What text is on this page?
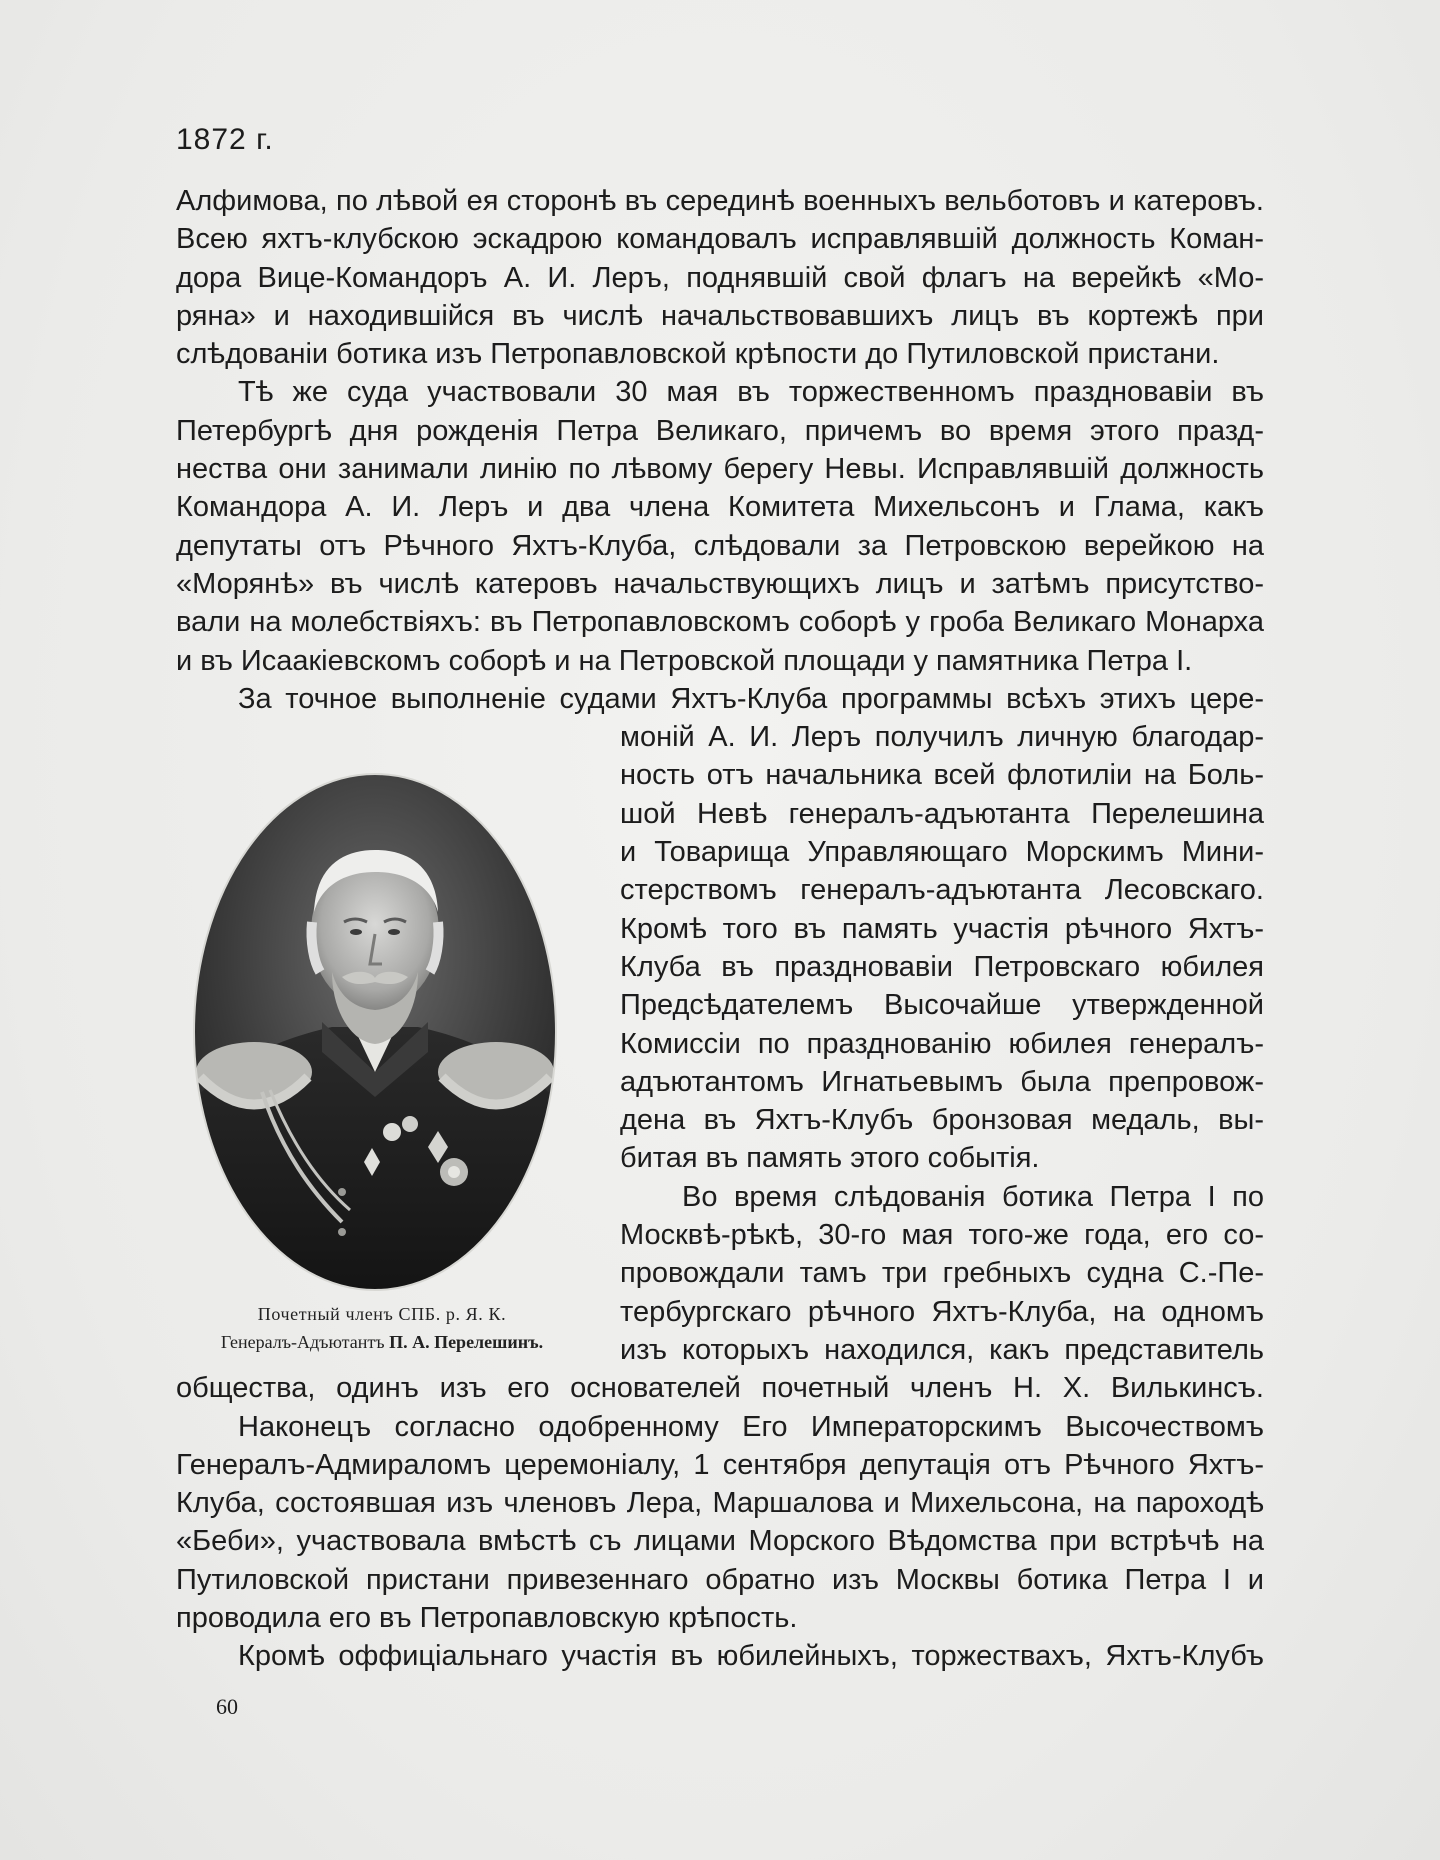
1872 г.
Алфимова, по лѣвой ея сторонѣ въ серединѣ военныхъ вельботовъ и катеровъ.
Всею яхтъ-клубскою эскадрою командовалъ исправлявшій должность Коман-
дора Вице-Командоръ А. И. Леръ, поднявшій свой флагъ на верейкѣ «Мо-
ряна» и находившійся въ числѣ начальствовавшихъ лицъ въ кортежѣ при
слѣдованіи ботика изъ Петропавловской крѣпости до Путиловской пристани.
Тѣ же суда участвовали 30 мая въ торжественномъ праздновавіи въ
Петербургѣ дня рожденія Петра Великаго, причемъ во время этого празд-
нества они занимали линію по лѣвому берегу Невы. Исправлявшій должность
Командора А. И. Леръ и два члена Комитета Михельсонъ и Глама, какъ
депутаты отъ Рѣчного Яхтъ-Клуба, слѣдовали за Петровскою верейкою на
«Морянѣ» въ числѣ катеровъ начальствующихъ лицъ и затѣмъ присутство-
вали на молебствіяхъ: въ Петропавловскомъ соборѣ у гроба Великаго Монарха
и въ Исаакіевскомъ соборѣ и на Петровской площади у памятника Петра I.
За точное выполненіе судами Яхтъ-Клуба программы всѣхъ этихъ цере-
Почетный членъ СПБ. р. Я. К.
Генералъ-Адъютантъ П. А. Перелешинъ.
моній А. И. Леръ получилъ личную благодар-
ность отъ начальника всей флотиліи на Боль-
шой Невѣ генералъ-адъютанта Перелешина
и Товарища Управляющаго Морскимъ Мини-
стерствомъ генералъ-адъютанта Лесовскаго.
Кромѣ того въ память участія рѣчного Яхтъ-
Клуба въ праздновавіи Петровскаго юбилея
Предсѣдателемъ Высочайше утвержденной
Комиссіи по празднованію юбилея генералъ-
адъютантомъ Игнатьевымъ была препровож-
дена въ Яхтъ-Клубъ бронзовая медаль, вы-
битая въ память этого событія.
Во время слѣдованія ботика Петра I по
Москвѣ-рѣкѣ, 30-го мая того-же года, его со-
провождали тамъ три гребныхъ судна С.-Пе-
тербургскаго рѣчного Яхтъ-Клуба, на одномъ
изъ которыхъ находился, какъ представитель
общества, одинъ изъ его основателей почетный членъ Н. Х. Вилькинсъ.
Наконецъ согласно одобренному Его Императорскимъ Высочествомъ
Генералъ-Адмираломъ церемоніалу, 1 сентября депутація отъ Рѣчного Яхтъ-
Клуба, состоявшая изъ членовъ Лера, Маршалова и Михельсона, на пароходѣ
«Беби», участвовала вмѣстѣ съ лицами Морского Вѣдомства при встрѣчѣ на
Путиловской пристани привезеннаго обратно изъ Москвы ботика Петра I и
проводила его въ Петропавловскую крѣпость.
Кромѣ оффиціальнаго участія въ юбилейныхъ, торжествахъ, Яхтъ-Клубъ
60
